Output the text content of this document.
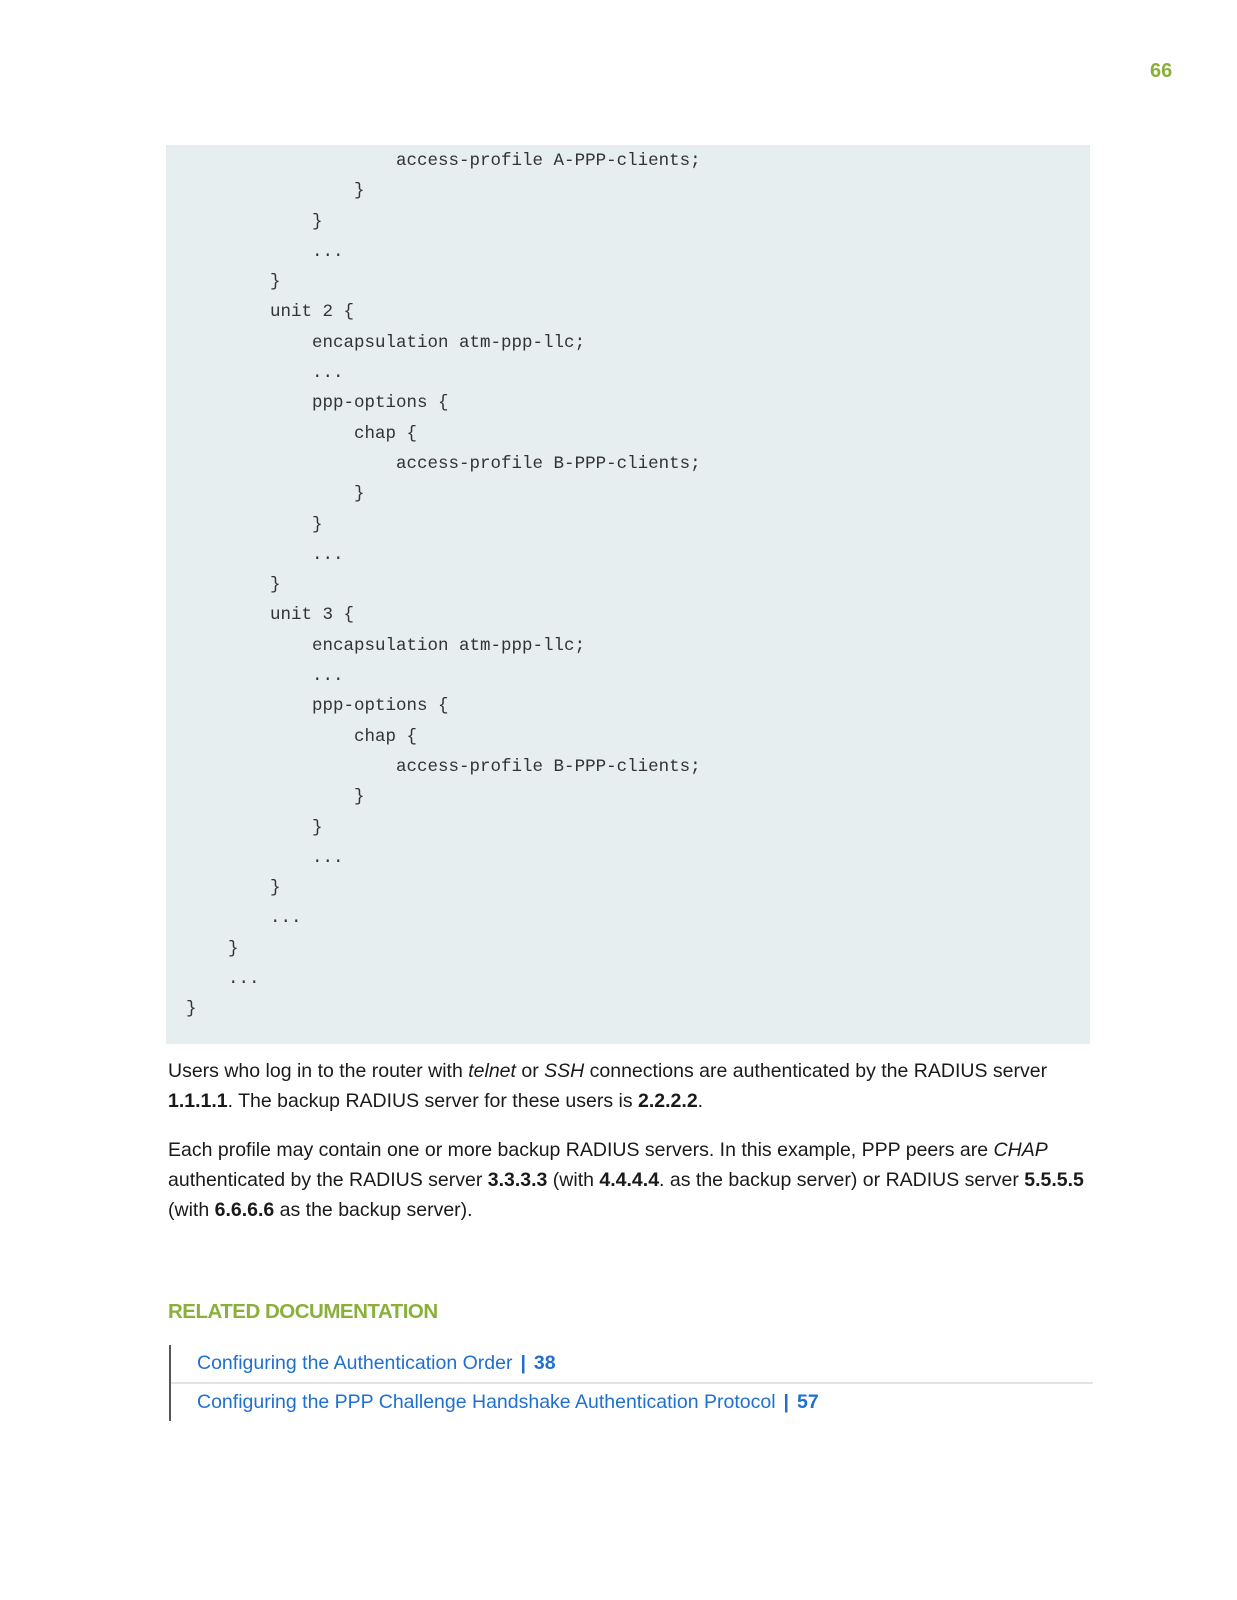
66
access-profile A-PPP-clients;
}
}
...
}
unit 2 {
encapsulation atm-ppp-llc;
...
ppp-options {
chap {
access-profile B-PPP-clients;
}
}
...
}
unit 3 {
encapsulation atm-ppp-llc;
...
ppp-options {
chap {
access-profile B-PPP-clients;
}
}
...
}
...
}
...
}
Users who log in to the router with telnet or SSH connections are authenticated by the RADIUS server 1.1.1.1. The backup RADIUS server for these users is 2.2.2.2.
Each profile may contain one or more backup RADIUS servers. In this example, PPP peers are CHAP authenticated by the RADIUS server 3.3.3.3 (with 4.4.4.4. as the backup server) or RADIUS server 5.5.5.5 (with 6.6.6.6 as the backup server).
RELATED DOCUMENTATION
Configuring the Authentication Order | 38
Configuring the PPP Challenge Handshake Authentication Protocol | 57
